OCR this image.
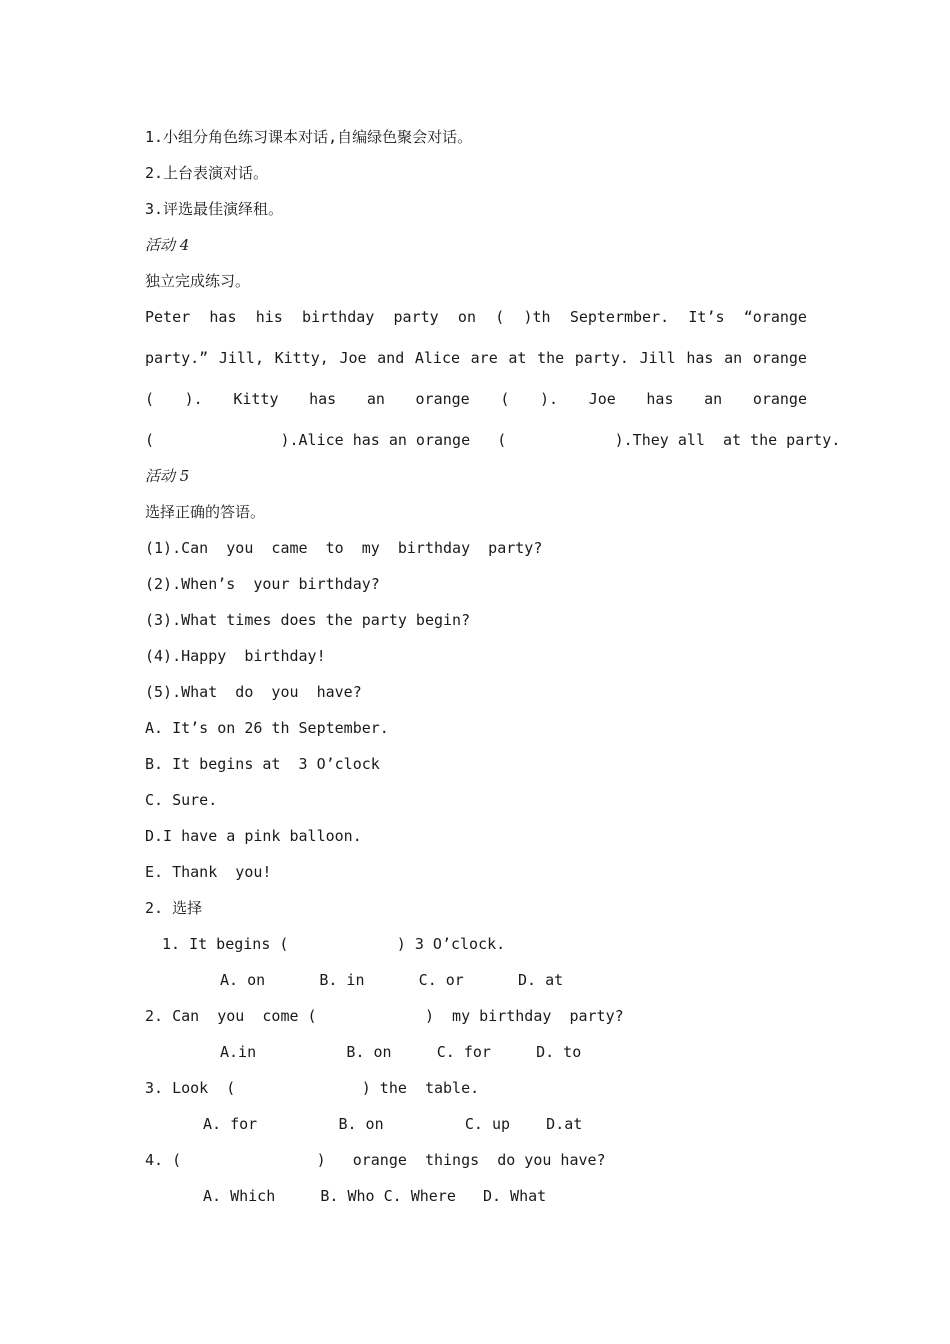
1.小组分角色练习课本对话,自编绿色聚会对话。
2.上台表演对话。
3.评选最佳演绎租。
活动 4
独立完成练习。
Peter has his birthday party on ( )th Septermber. It’s “orange
party.” Jill, Kitty, Joe and Alice are at the party. Jill has an orange
( ). Kitty has an orange ( ). Joe has an orange
(              ).Alice has an orange   (            ).They all  at the party.
活动 5
选择正确的答语。
(1).Can  you  came  to  my  birthday  party?
(2).When’s  your birthday?
(3).What times does the party begin?
(4).Happy  birthday!
(5).What  do  you  have?
A. It’s on 26 th September.
B. It begins at  3 O’clock
C. Sure.
D.I have a pink balloon.
E. Thank  you!
2. 选择
1. It begins (            ) 3 O’clock.
A. on      B. in      C. or      D. at
2. Can  you  come (            )  my birthday  party?
A.in          B. on     C. for     D. to
3. Look  (              ) the  table.
A. for         B. on         C. up    D.at
4. (               )   orange  things  do you have?
A. Which     B. Who C. Where   D. What
